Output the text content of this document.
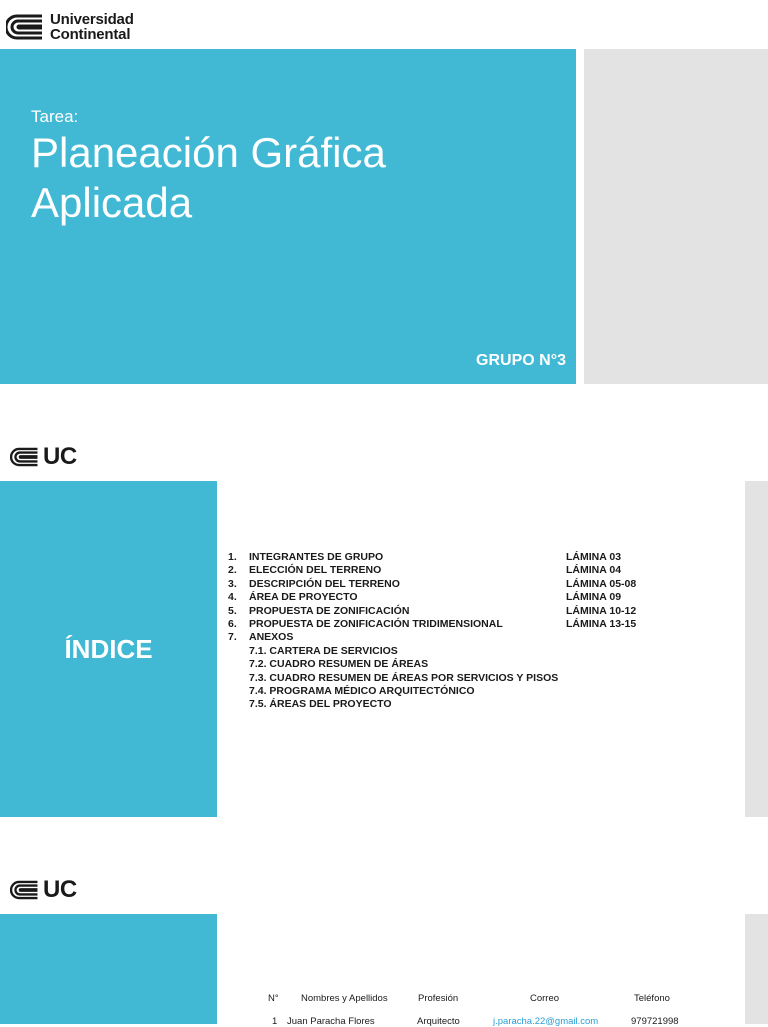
Universidad
Continental
Tarea:
Planeación Gráfica Aplicada
GRUPO N°3
UC
ÍNDICE
1. INTEGRANTES DE GRUPO	LÁMINA 03
2. ELECCIÓN DEL TERRENO	LÁMINA 04
3. DESCRIPCIÓN DEL TERRENO	LÁMINA 05-08
4. ÁREA DE PROYECTO	LÁMINA 09
5. PROPUESTA DE ZONIFICACIÓN	LÁMINA 10-12
6. PROPUESTA DE ZONIFICACIÓN TRIDIMENSIONAL	LÁMINA 13-15
7. ANEXOS
7.1. CARTERA DE SERVICIOS
7.2. CUADRO RESUMEN DE ÁREAS
7.3. CUADRO RESUMEN DE ÁREAS POR SERVICIOS Y PISOS
7.4. PROGRAMA MÉDICO ARQUITECTÓNICO
7.5. ÁREAS DEL PROYECTO
UC
N° Nombres y Apellidos	Profesión	Correo	Teléfono
1 Juan Paracha Flores	Arquitecto	j.paracha.22@gmail.com	979721998
